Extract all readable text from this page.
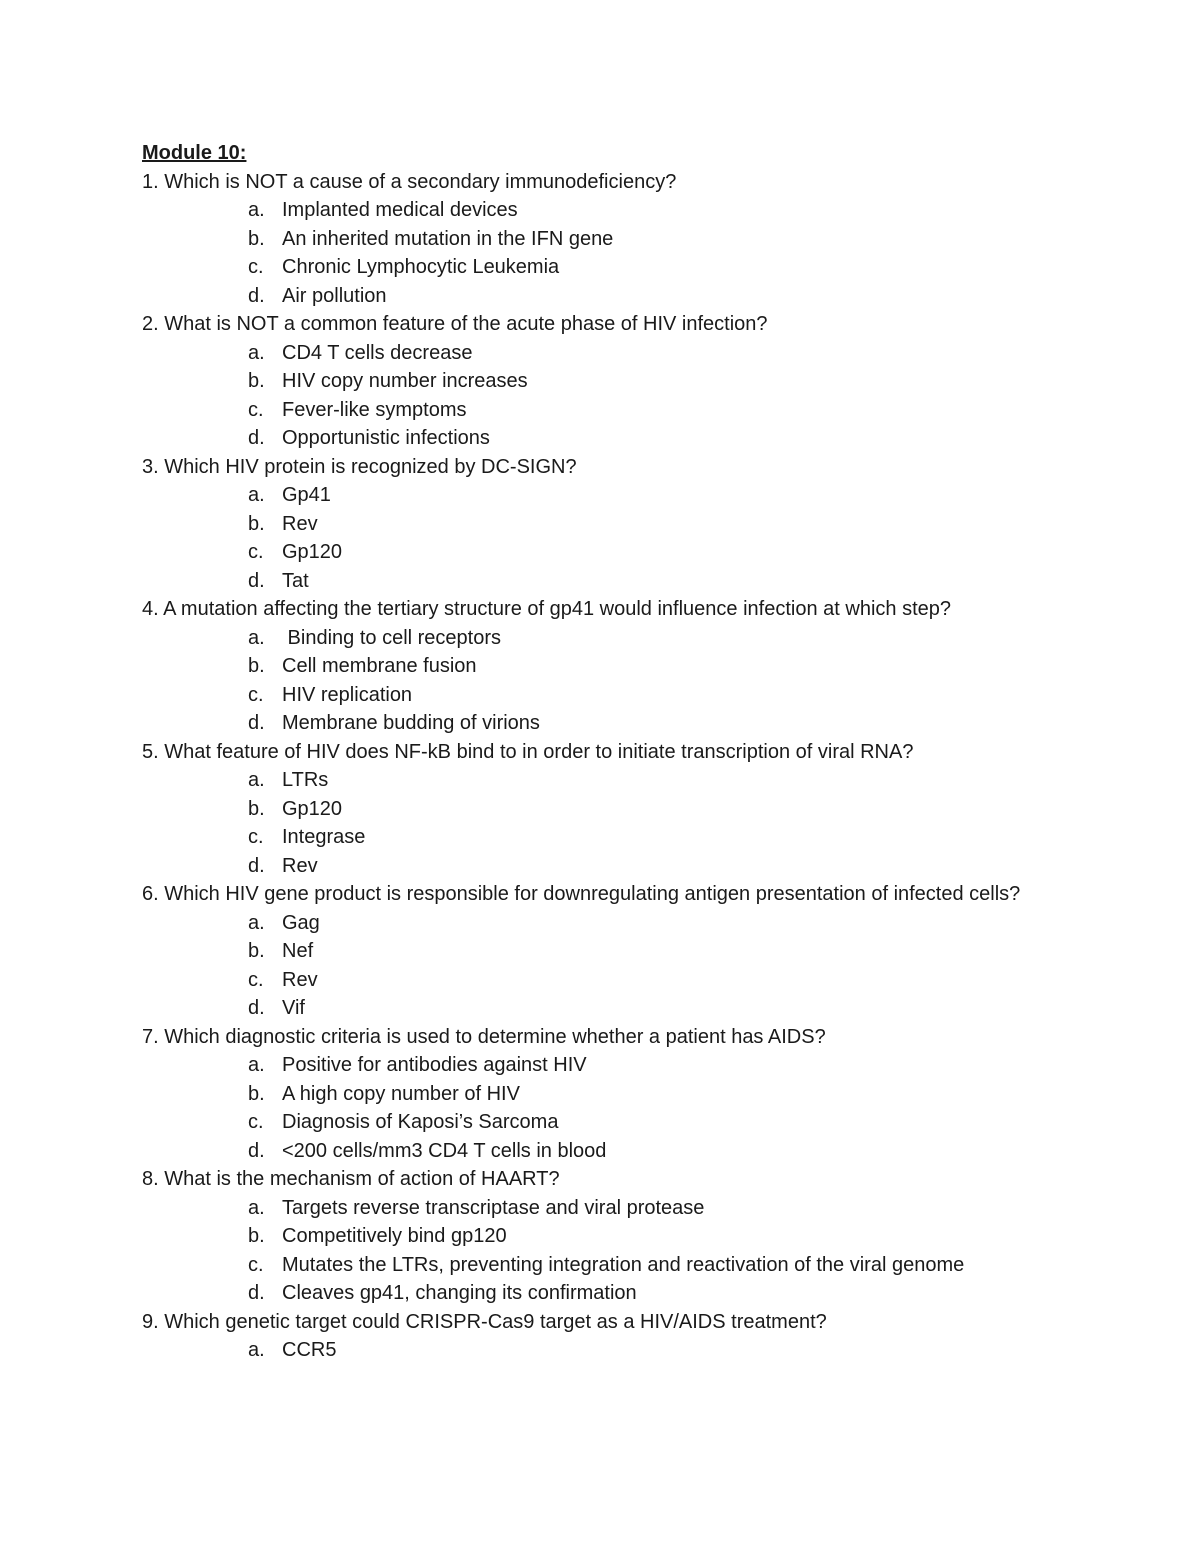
Module 10:
1. Which is NOT a cause of a secondary immunodeficiency?
a. Implanted medical devices
b. An inherited mutation in the IFN gene
c. Chronic Lymphocytic Leukemia
d. Air pollution
2. What is NOT a common feature of the acute phase of HIV infection?
a. CD4 T cells decrease
b. HIV copy number increases
c. Fever-like symptoms
d. Opportunistic infections
3. Which HIV protein is recognized by DC-SIGN?
a. Gp41
b. Rev
c. Gp120
d. Tat
4. A mutation affecting the tertiary structure of gp41 would influence infection at which step?
a. Binding to cell receptors
b. Cell membrane fusion
c. HIV replication
d. Membrane budding of virions
5. What feature of HIV does NF-kB bind to in order to initiate transcription of viral RNA?
a. LTRs
b. Gp120
c. Integrase
d. Rev
6. Which HIV gene product is responsible for downregulating antigen presentation of infected cells?
a. Gag
b. Nef
c. Rev
d. Vif
7. Which diagnostic criteria is used to determine whether a patient has AIDS?
a. Positive for antibodies against HIV
b. A high copy number of HIV
c. Diagnosis of Kaposi’s Sarcoma
d. <200 cells/mm3 CD4 T cells in blood
8. What is the mechanism of action of HAART?
a. Targets reverse transcriptase and viral protease
b. Competitively bind gp120
c. Mutates the LTRs, preventing integration and reactivation of the viral genome
d. Cleaves gp41, changing its confirmation
9. Which genetic target could CRISPR-Cas9 target as a HIV/AIDS treatment?
a. CCR5
